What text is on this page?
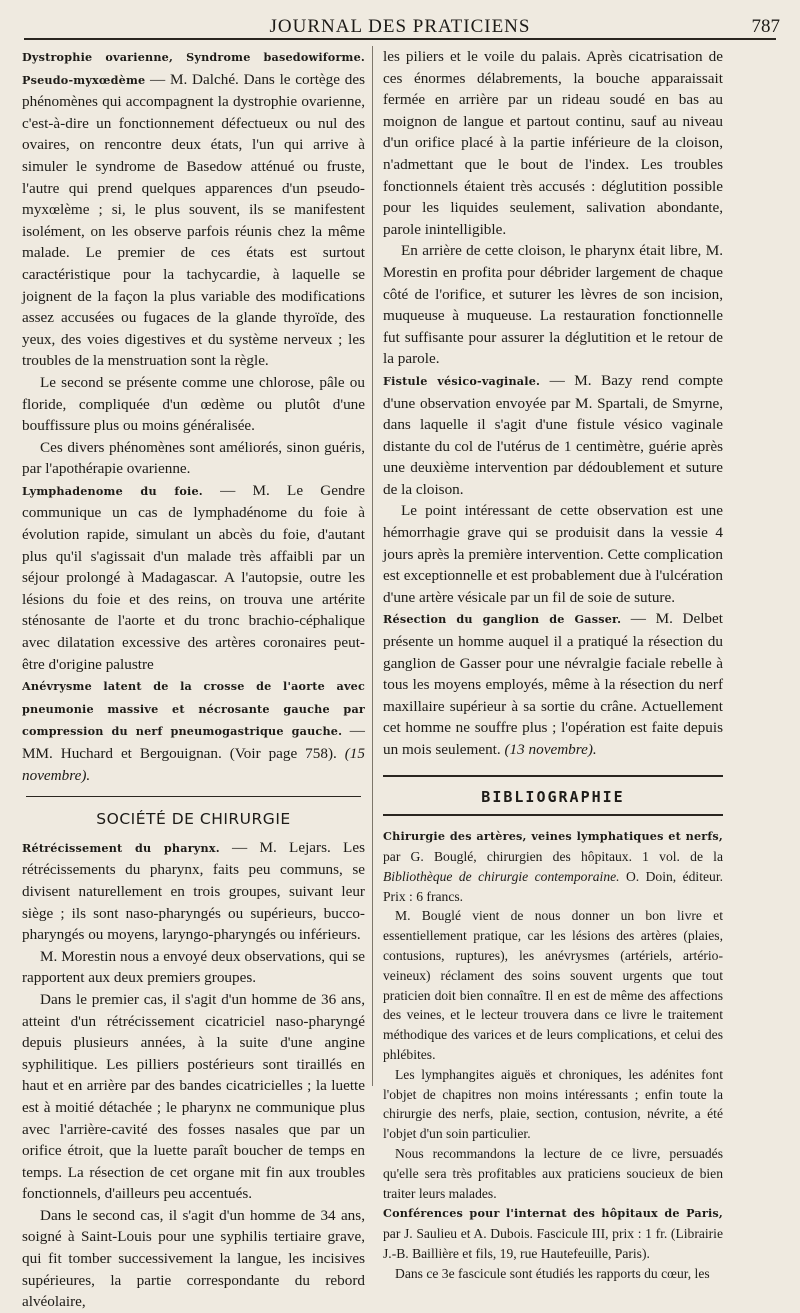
JOURNAL DES PRATICIENS	787

Dystrophie ovarienne, Syndrome basedowiforme. Pseudo-myxœdème — M. Dalché. Dans le cortège des phénomènes qui accompagnent la dystrophie ovarienne, c'est-à-dire un fonctionnement défectueux ou nul des ovaires, on rencontre deux états, l'un qui arrive à simuler le syndrome de Basedow atténué ou fruste, l'autre qui prend quelques apparences d'un pseudo-myxœlème ; si, le plus souvent, ils se manifestent isolément, on les observe parfois réunis chez la même malade. Le premier de ces états est surtout caractéristique pour la tachycardie, à laquelle se joignent de la façon la plus variable des modifications assez accusées ou fugaces de la glande thyroïde, des yeux, des voies digestives et du système nerveux ; les troubles de la menstruation sont la règle.

Le second se présente comme une chlorose, pâle ou floride, compliquée d'un œdème ou plutôt d'une bouffissure plus ou moins généralisée.

Ces divers phénomènes sont améliorés, sinon guéris, par l'apothérapie ovarienne.

Lymphadenome du foie. — M. Le Gendre communique un cas de lymphadénome du foie à évolution rapide, simulant un abcès du foie, d'autant plus qu'il s'agissait d'un malade très affaibli par un séjour prolongé à Madagascar. A l'autopsie, outre les lésions du foie et des reins, on trouva une artérite sténosante de l'aorte et du tronc brachio-céphalique avec dilatation excessive des artères coronaires peut-être d'origine palustre

Anévrysme latent de la crosse de l'aorte avec pneumonie massive et nécrosante gauche par compression du nerf pneumogastrique gauche. — MM. Huchard et Bergouignan. (Voir page 758). (15 novembre).

SOCIÉTÉ DE CHIRURGIE

Rétrécissement du pharynx. — M. Lejars. Les rétrécissements du pharynx, faits peu communs, se divisent naturellement en trois groupes, suivant leur siège ; ils sont naso-pharyngés ou supérieurs, bucco-pharyngés ou moyens, laryngo-pharyngés ou inférieurs.

M. Morestin nous a envoyé deux observations, qui se rapportent aux deux premiers groupes.

Dans le premier cas, il s'agit d'un homme de 36 ans, atteint d'un rétrécissement cicatriciel naso-pharyngé depuis plusieurs années, à la suite d'une angine syphilitique. Les pilliers postérieurs sont tiraillés en haut et en arrière par des bandes cicatricielles ; la luette est à moitié détachée ; le pharynx ne communique plus avec l'arrière-cavité des fosses nasales que par un orifice étroit, que la luette paraît boucher de temps en temps. La résection de cet organe mit fin aux troubles fonctionnels, d'ailleurs peu accentués.

Dans le second cas, il s'agit d'un homme de 34 ans, soigné à Saint-Louis pour une syphilis tertiaire grave, qui fit tomber successivement la langue, les incisives supérieures, la partie correspondante du rebord alvéolaire,

les piliers et le voile du palais. Après cicatrisation de ces énormes délabrements, la bouche apparaissait fermée en arrière par un rideau soudé en bas au moignon de langue et partout continu, sauf au niveau d'un orifice placé à la partie inférieure de la cloison, n'admettant que le bout de l'index. Les troubles fonctionnels étaient très accusés : déglutition possible pour les liquides seulement, salivation abondante, parole inintelligible.

En arrière de cette cloison, le pharynx était libre, M. Morestin en profita pour débrider largement de chaque côté de l'orifice, et suturer les lèvres de son incision, muqueuse à muqueuse. La restauration fonctionnelle fut suffisante pour assurer la déglutition et le retour de la parole.

Fistule vésico-vaginale. — M. Bazy rend compte d'une observation envoyée par M. Spartali, de Smyrne, dans laquelle il s'agit d'une fistule vésico vaginale distante du col de l'utérus de 1 centimètre, guérie après une deuxième intervention par dédoublement et suture de la cloison.

Le point intéressant de cette observation est une hémorrhagie grave qui se produisit dans la vessie 4 jours après la première intervention. Cette complication est exceptionnelle et est probablement due à l'ulcération d'une artère vésicale par un fil de soie de suture.

Résection du ganglion de Gasser. — M. Delbet présente un homme auquel il a pratiqué la résection du ganglion de Gasser pour une névralgie faciale rebelle à tous les moyens employés, même à la résection du nerf maxillaire supérieur à sa sortie du crâne. Actuellement cet homme ne souffre plus ; l'opération est faite depuis un mois seulement. (13 novembre).

BIBLIOGRAPHIE

Chirurgie des artères, veines lymphatiques et nerfs, par G. Bouglé, chirurgien des hôpitaux. 1 vol. de la Bibliothèque de chirurgie contemporaine. O. Doin, éditeur. Prix : 6 francs.

M. Bouglé vient de nous donner un bon livre et essentiellement pratique, car les lésions des artères (plaies, contusions, ruptures), les anévrysmes (artériels, artério-veineux) réclament des soins souvent urgents que tout praticien doit bien connaître. Il en est de même des affections des veines, et le lecteur trouvera dans ce livre le traitement méthodique des varices et de leurs complications, et celui des phlébites.

Les lymphangites aiguës et chroniques, les adénites font l'objet de chapitres non moins intéressants ; enfin toute la chirurgie des nerfs, plaie, section, contusion, névrite, a été l'objet d'un soin particulier.

Nous recommandons la lecture de ce livre, persuadés qu'elle sera très profitables aux praticiens soucieux de bien traiter leurs malades.

Conférences pour l'internat des hôpitaux de Paris, par J. Saulieu et A. Dubois. Fascicule III, prix : 1 fr. (Librairie J.-B. Baillière et fils, 19, rue Hautefeuille, Paris).

Dans ce 3e fascicule sont étudiés les rapports du cœur, les
